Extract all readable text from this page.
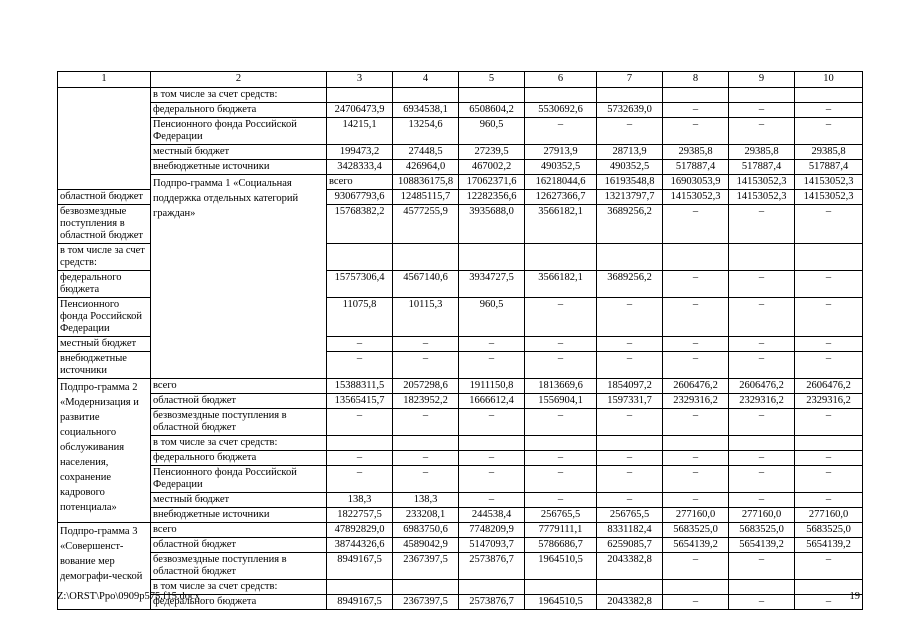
1	2	3	4	5	6	7	8	9	10	
	в том числе за счет средств:									
	федерального бюджета	24706473,9	6934538,1	6508604,2	5530692,6	5732639,0	–	–	–	
	Пенсионного фонда Российской Федерации	14215,1	13254,6	960,5	–	–	–	–	–	
	местный бюджет	199473,2	27448,5	27239,5	27913,9	28713,9	29385,8	29385,8	29385,8	
	внебюджетные источники	3428333,4	426964,0	467002,2	490352,5	490352,5	517887,4	517887,4	517887,4	
	Подпро-грамма 1 «Социальная поддержка отдельных категорий граждан»	всего	108836175,8	17062371,6	16218044,6	16193548,8	16903053,9	14153052,3	14153052,3	
областной бюджет		93067793,6	12485115,7	12282356,6	12627366,7	13213797,7	14153052,3	14153052,3	14153052,3	
безвозмездные поступления в областной бюджет		15768382,2	4577255,9	3935688,0	3566182,1	3689256,2	–	–	–	
в том числе за счет средств:										
федерального бюджета		15757306,4	4567140,6	3934727,5	3566182,1	3689256,2	–	–	–	
Пенсионного фонда Российской Федерации		11075,8	10115,3	960,5	–	–	–	–	–	
местный бюджет		–	–	–	–	–	–	–	–	
внебюджетные источники		–	–	–	–	–	–	–	–	
Подпро-грамма 2 «Модернизация и развитие социального обслуживания населения, сохранение кадрового потенциала»	всего	15388311,5	2057298,6	1911150,8	1813669,6	1854097,2	2606476,2	2606476,2	2606476,2	
	областной бюджет	13565415,7	1823952,2	1666612,4	1556904,1	1597331,7	2329316,2	2329316,2	2329316,2	
	безвозмездные поступления в областной бюджет	–	–	–	–	–	–	–	–	
	в том числе за счет средств:									
	федерального бюджета	–	–	–	–	–	–	–	–	
	Пенсионного фонда Российской Федерации	–	–	–	–	–	–	–	–	
	местный бюджет	138,3	138,3	–	–	–	–	–	–	
	внебюджетные источники	1822757,5	233208,1	244538,4	256765,5	256765,5	277160,0	277160,0	277160,0	
Подпро-грамма 3 «Совершенст-вование мер демографи-ческой	всего	47892829,0	6983750,6	7748209,9	7779111,1	8331182,4	5683525,0	5683525,0	5683525,0	
	областной бюджет	38744326,6	4589042,9	5147093,7	5786686,7	6259085,7	5654139,2	5654139,2	5654139,2	
	безвозмездные поступления в областной бюджет	8949167,5	2367397,5	2573876,7	1964510,5	2043382,8	–	–	–	
	в том числе за счет средств:									
	федерального бюджета	8949167,5	2367397,5	2573876,7	1964510,5	2043382,8	–	–	–	
Z:\ORST\Ppo\0909p575.f15.docx	19
